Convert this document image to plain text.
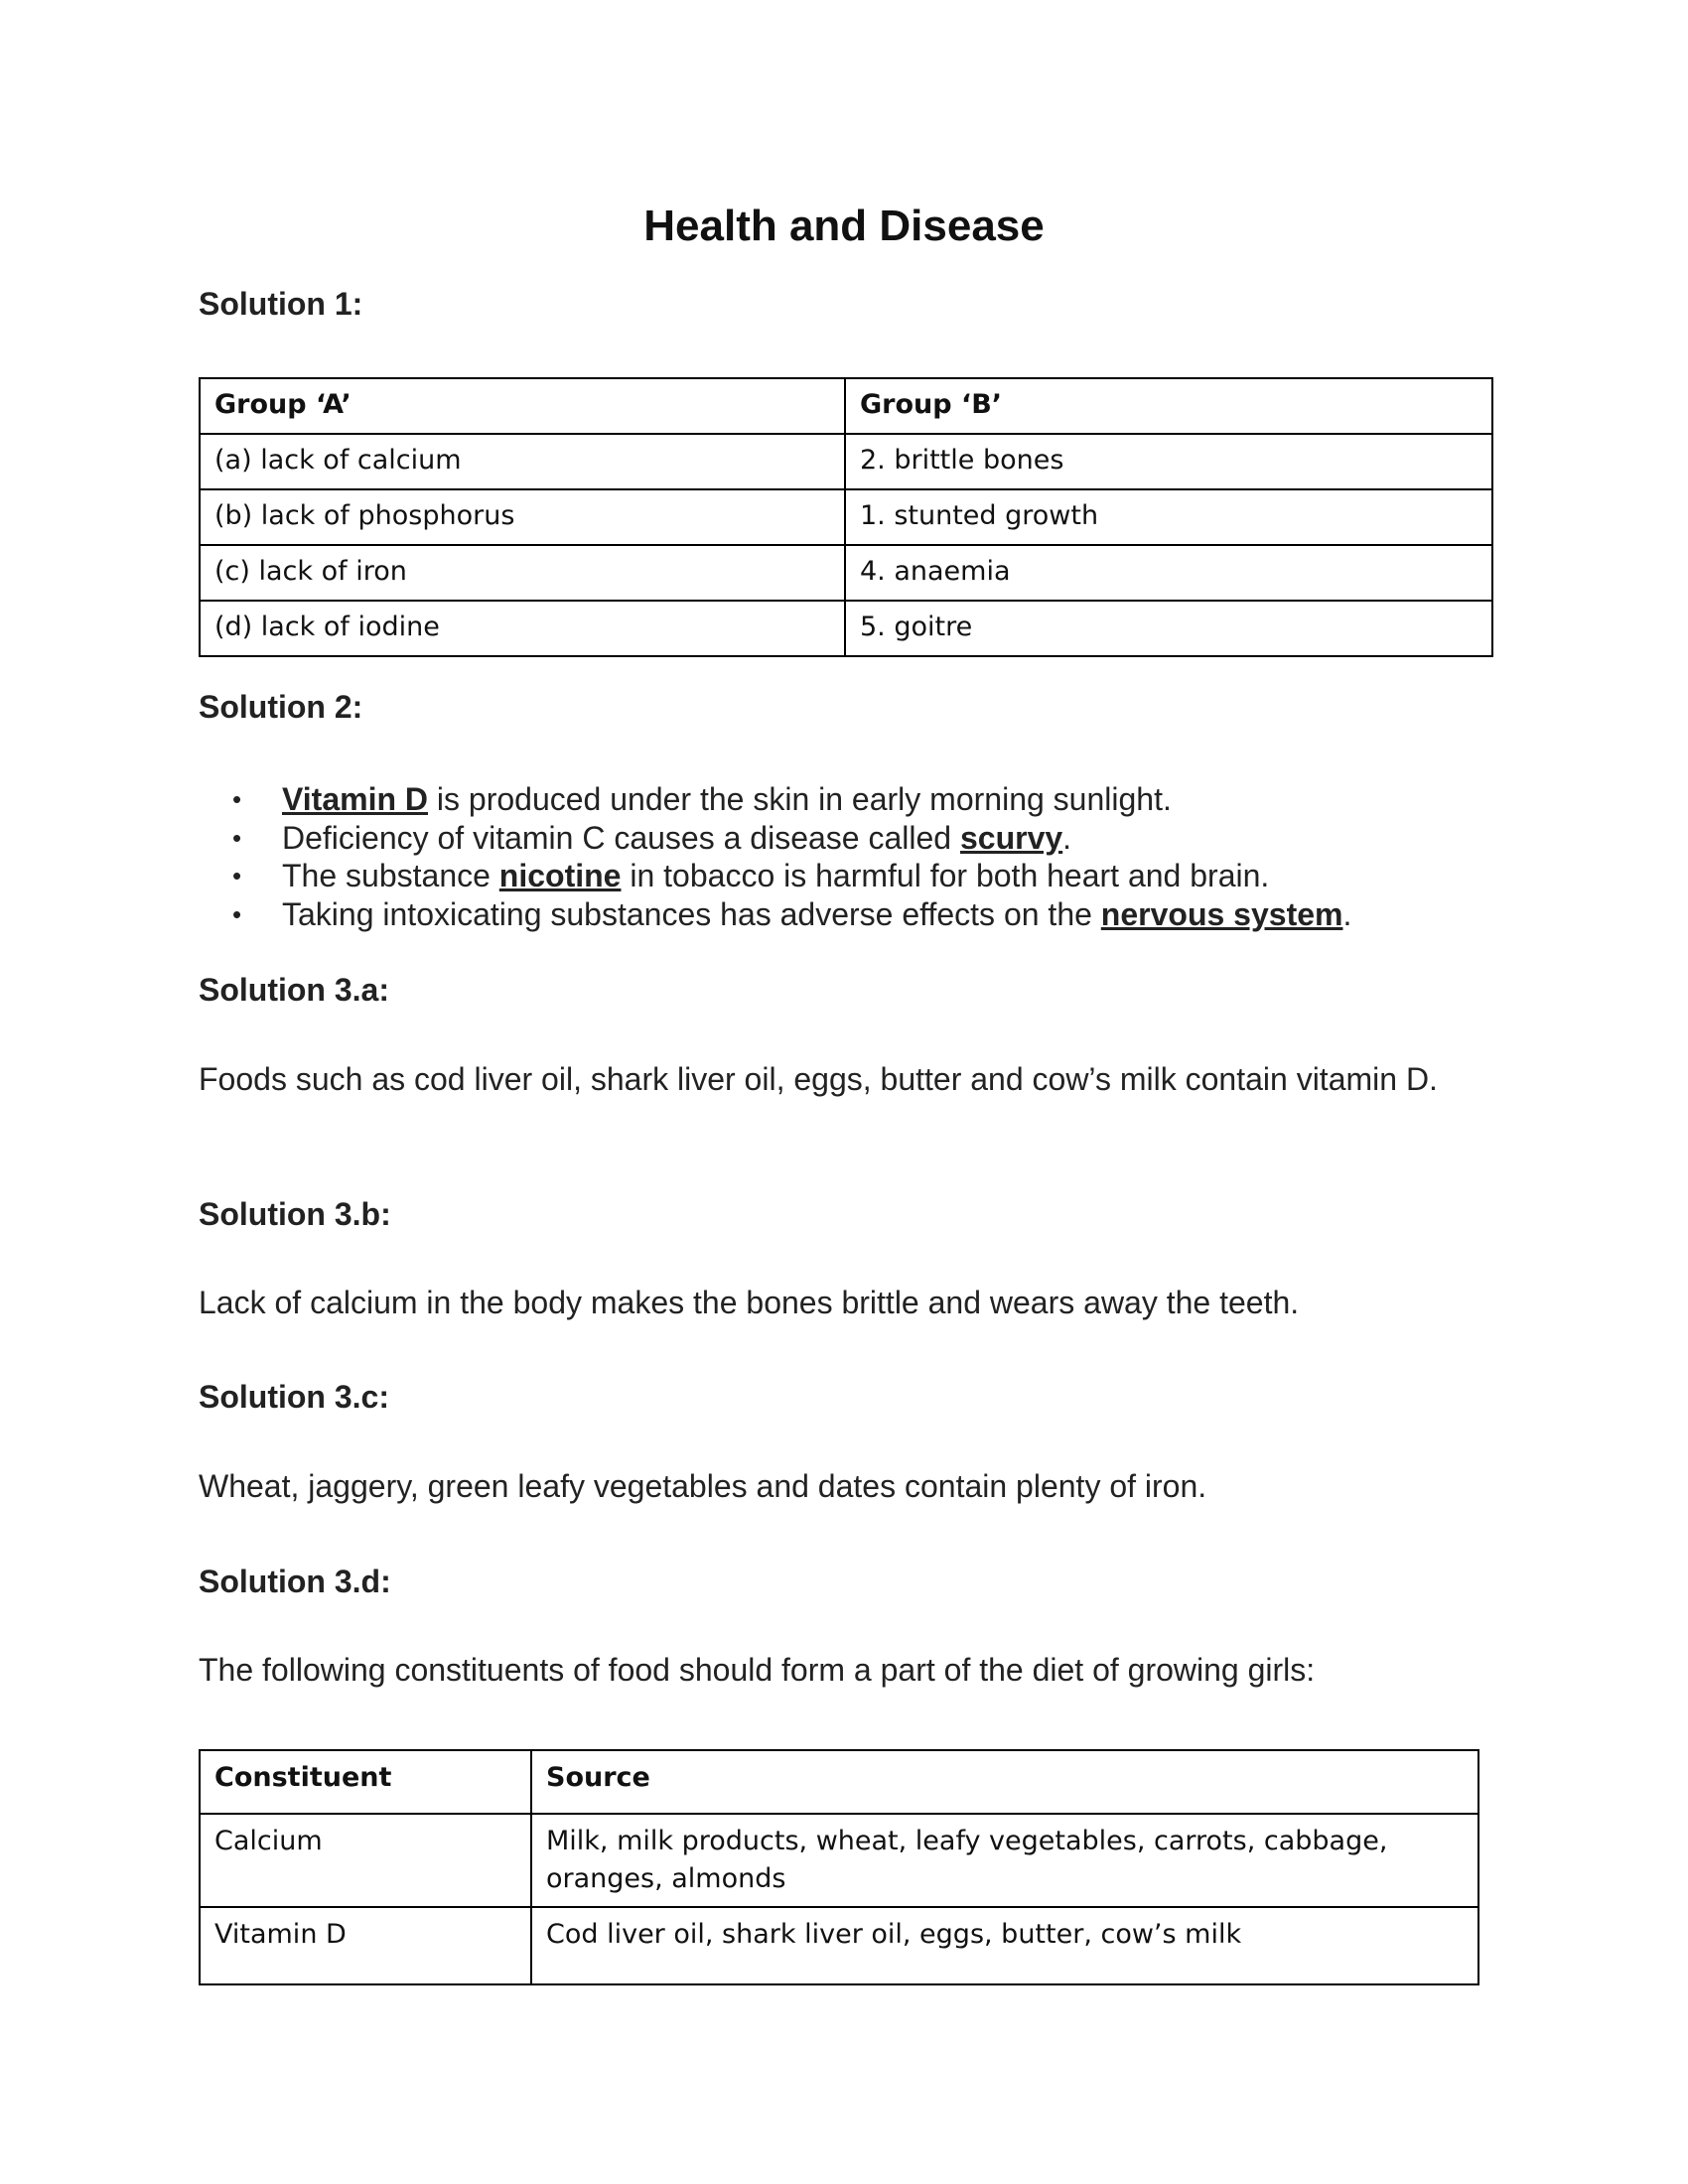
Health and Disease
Solution 1:
Group ‘A’	Group ‘B’
(a) lack of calcium	2. brittle bones
(b) lack of phosphorus	1. stunted growth
(c) lack of iron	4. anaemia
(d) lack of iodine	5. goitre
Solution 2:
• Vitamin D is produced under the skin in early morning sunlight.
• Deficiency of vitamin C causes a disease called scurvy.
• The substance nicotine in tobacco is harmful for both heart and brain.
• Taking intoxicating substances has adverse effects on the nervous system.
Solution 3.a:
Foods such as cod liver oil, shark liver oil, eggs, butter and cow’s milk contain vitamin D.
Solution 3.b:
Lack of calcium in the body makes the bones brittle and wears away the teeth.
Solution 3.c:
Wheat, jaggery, green leafy vegetables and dates contain plenty of iron.
Solution 3.d:
The following constituents of food should form a part of the diet of growing girls:
Constituent	Source
Calcium	Milk, milk products, wheat, leafy vegetables, carrots, cabbage, oranges, almonds
Vitamin D	Cod liver oil, shark liver oil, eggs, butter, cow’s milk
